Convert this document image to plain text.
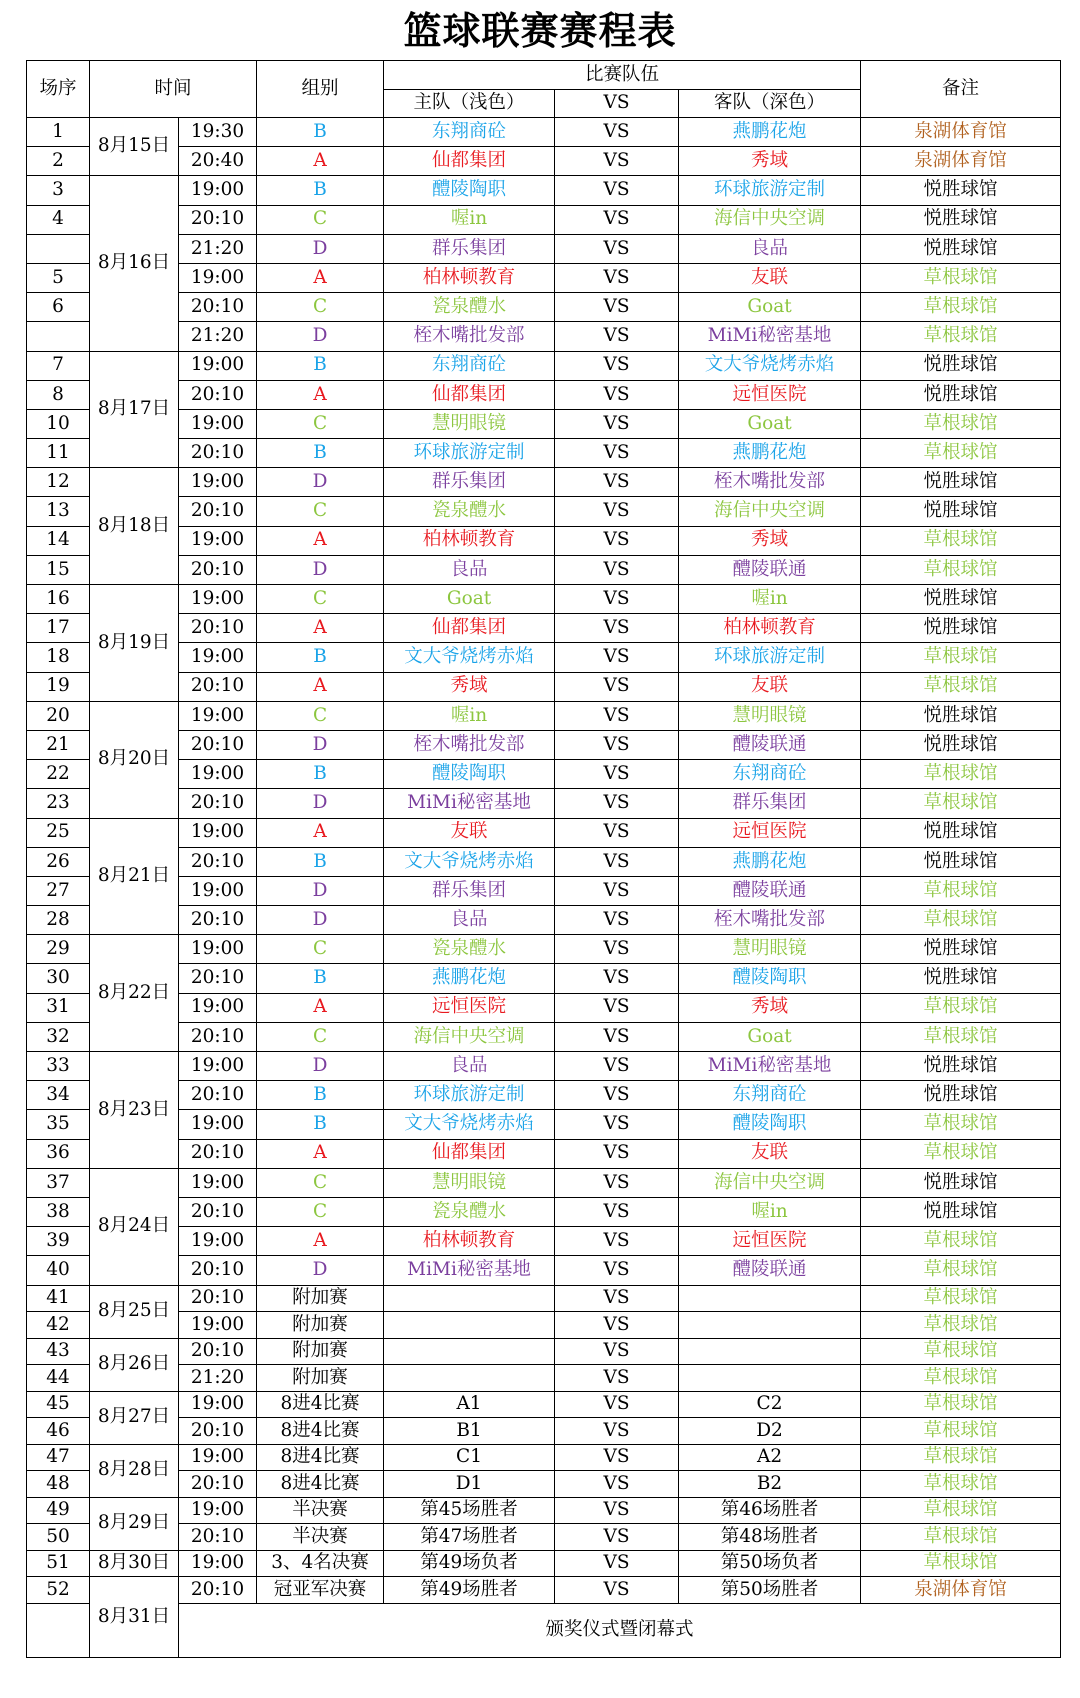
篮球联赛赛程表
场序	时间		组别	比赛队伍			备注
				主队（浅色）	VS	客队（深色）	
1	8月15日	19:30	B	东翔商砼	VS	燕鹏花炮	泉湖体育馆
2		20:40	A	仙都集团	VS	秀域	泉湖体育馆
3	8月16日	19:00	B	醴陵陶职	VS	环球旅游定制	悦胜球馆
4		20:10	C	喔in	VS	海信中央空调	悦胜球馆
		21:20	D	群乐集团	VS	良品	悦胜球馆
5		19:00	A	柏林顿教育	VS	友联	草根球馆
6		20:10	C	瓷泉醴水	VS	Goat	草根球馆
		21:20	D	桎木嘴批发部	VS	MiMi秘密基地	草根球馆
7	8月17日	19:00	B	东翔商砼	VS	文大爷烧烤赤焰	悦胜球馆
8		20:10	A	仙都集团	VS	远恒医院	悦胜球馆
10		19:00	C	慧明眼镜	VS	Goat	草根球馆
11		20:10	B	环球旅游定制	VS	燕鹏花炮	草根球馆
12	8月18日	19:00	D	群乐集团	VS	桎木嘴批发部	悦胜球馆
13		20:10	C	瓷泉醴水	VS	海信中央空调	悦胜球馆
14		19:00	A	柏林顿教育	VS	秀域	草根球馆
15		20:10	D	良品	VS	醴陵联通	草根球馆
16	8月19日	19:00	C	Goat	VS	喔in	悦胜球馆
17		20:10	A	仙都集团	VS	柏林顿教育	悦胜球馆
18		19:00	B	文大爷烧烤赤焰	VS	环球旅游定制	草根球馆
19		20:10	A	秀域	VS	友联	草根球馆
20	8月20日	19:00	C	喔in	VS	慧明眼镜	悦胜球馆
21		20:10	D	桎木嘴批发部	VS	醴陵联通	悦胜球馆
22		19:00	B	醴陵陶职	VS	东翔商砼	草根球馆
23		20:10	D	MiMi秘密基地	VS	群乐集团	草根球馆
25	8月21日	19:00	A	友联	VS	远恒医院	悦胜球馆
26		20:10	B	文大爷烧烤赤焰	VS	燕鹏花炮	悦胜球馆
27		19:00	D	群乐集团	VS	醴陵联通	草根球馆
28		20:10	D	良品	VS	桎木嘴批发部	草根球馆
29	8月22日	19:00	C	瓷泉醴水	VS	慧明眼镜	悦胜球馆
30		20:10	B	燕鹏花炮	VS	醴陵陶职	悦胜球馆
31		19:00	A	远恒医院	VS	秀域	草根球馆
32		20:10	C	海信中央空调	VS	Goat	草根球馆
33	8月23日	19:00	D	良品	VS	MiMi秘密基地	悦胜球馆
34		20:10	B	环球旅游定制	VS	东翔商砼	悦胜球馆
35		19:00	B	文大爷烧烤赤焰	VS	醴陵陶职	草根球馆
36		20:10	A	仙都集团	VS	友联	草根球馆
37	8月24日	19:00	C	慧明眼镜	VS	海信中央空调	悦胜球馆
38		20:10	C	瓷泉醴水	VS	喔in	悦胜球馆
39		19:00	A	柏林顿教育	VS	远恒医院	草根球馆
40		20:10	D	MiMi秘密基地	VS	醴陵联通	草根球馆
41	8月25日	20:10	附加赛		VS		草根球馆
42		19:00	附加赛		VS		草根球馆
43	8月26日	20:10	附加赛		VS		草根球馆
44		21:20	附加赛		VS		草根球馆
45	8月27日	19:00	8进4比赛	A1	VS	C2	草根球馆
46		20:10	8进4比赛	B1	VS	D2	草根球馆
47	8月28日	19:00	8进4比赛	C1	VS	A2	草根球馆
48		20:10	8进4比赛	D1	VS	B2	草根球馆
49	8月29日	19:00	半决赛	第45场胜者	VS	第46场胜者	草根球馆
50		20:10	半决赛	第47场胜者	VS	第48场胜者	草根球馆
51	8月30日	19:00	3、4名决赛	第49场负者	VS	第50场负者	草根球馆
52	8月31日	20:10	冠亚军决赛	第49场胜者	VS	第50场胜者	泉湖体育馆
		颁奖仪式暨闭幕式					
